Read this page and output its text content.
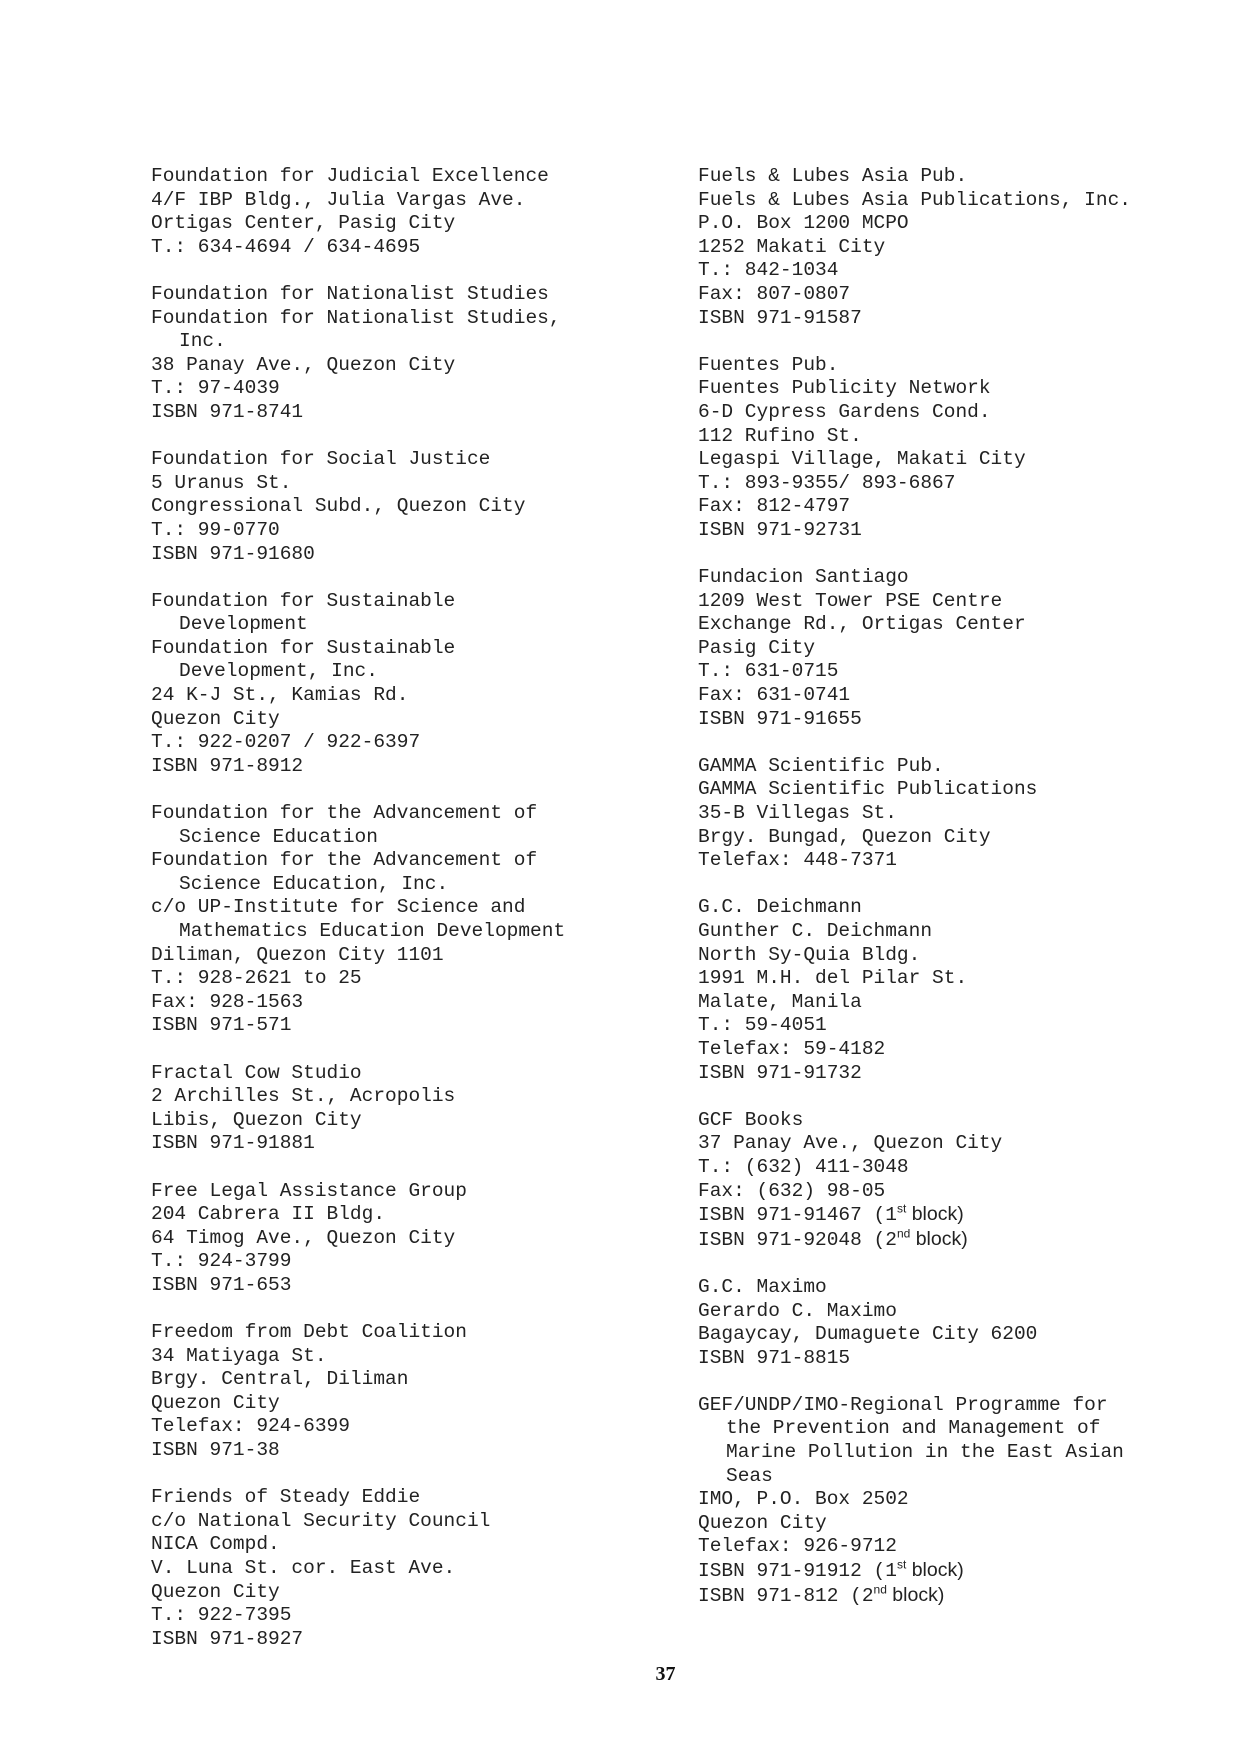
Foundation for Judicial Excellence
4/F IBP Bldg., Julia Vargas Ave.
Ortigas Center, Pasig City
T.: 634-4694 / 634-4695
Foundation for Nationalist Studies
Foundation for Nationalist Studies,
Inc.
38 Panay Ave., Quezon City
T.: 97-4039
ISBN 971-8741
Foundation for Social Justice
5 Uranus St.
Congressional Subd., Quezon City
T.: 99-0770
ISBN 971-91680
Foundation for Sustainable
Development
Foundation for Sustainable
Development, Inc.
24 K-J St., Kamias Rd.
Quezon City
T.: 922-0207 / 922-6397
ISBN 971-8912
Foundation for the Advancement of
Science Education
Foundation for the Advancement of
Science Education, Inc.
c/o UP-Institute for Science and
Mathematics Education Development
Diliman, Quezon City 1101
T.: 928-2621 to 25
Fax: 928-1563
ISBN 971-571
Fractal Cow Studio
2 Archilles St., Acropolis
Libis, Quezon City
ISBN 971-91881
Free Legal Assistance Group
204 Cabrera II Bldg.
64 Timog Ave., Quezon City
T.: 924-3799
ISBN 971-653
Freedom from Debt Coalition
34 Matiyaga St.
Brgy. Central, Diliman
Quezon City
Telefax: 924-6399
ISBN 971-38
Friends of Steady Eddie
c/o National Security Council
NICA Compd.
V. Luna St. cor. East Ave.
Quezon City
T.: 922-7395
ISBN 971-8927
Fuels & Lubes Asia Pub.
Fuels & Lubes Asia Publications, Inc.
P.O. Box 1200 MCPO
1252 Makati City
T.: 842-1034
Fax: 807-0807
ISBN 971-91587
Fuentes Pub.
Fuentes Publicity Network
6-D Cypress Gardens Cond.
112 Rufino St.
Legaspi Village, Makati City
T.: 893-9355/ 893-6867
Fax: 812-4797
ISBN 971-92731
Fundacion Santiago
1209 West Tower PSE Centre
Exchange Rd., Ortigas Center
Pasig City
T.: 631-0715
Fax: 631-0741
ISBN 971-91655
GAMMA Scientific Pub.
GAMMA Scientific Publications
35-B Villegas St.
Brgy. Bungad, Quezon City
Telefax: 448-7371
G.C. Deichmann
Gunther C. Deichmann
North Sy-Quia Bldg.
1991 M.H. del Pilar St.
Malate, Manila
T.: 59-4051
Telefax: 59-4182
ISBN 971-91732
GCF Books
37 Panay Ave., Quezon City
T.: (632) 411-3048
Fax: (632) 98-05
ISBN 971-91467 (1st block)
ISBN 971-92048 (2nd block)
G.C. Maximo
Gerardo C. Maximo
Bagaycay, Dumaguete City 6200
ISBN 971-8815
GEF/UNDP/IMO-Regional Programme for
the Prevention and Management of
Marine Pollution in the East Asian
Seas
IMO, P.O. Box 2502
Quezon City
Telefax: 926-9712
ISBN 971-91912 (1st block)
ISBN 971-812 (2nd block)
37
